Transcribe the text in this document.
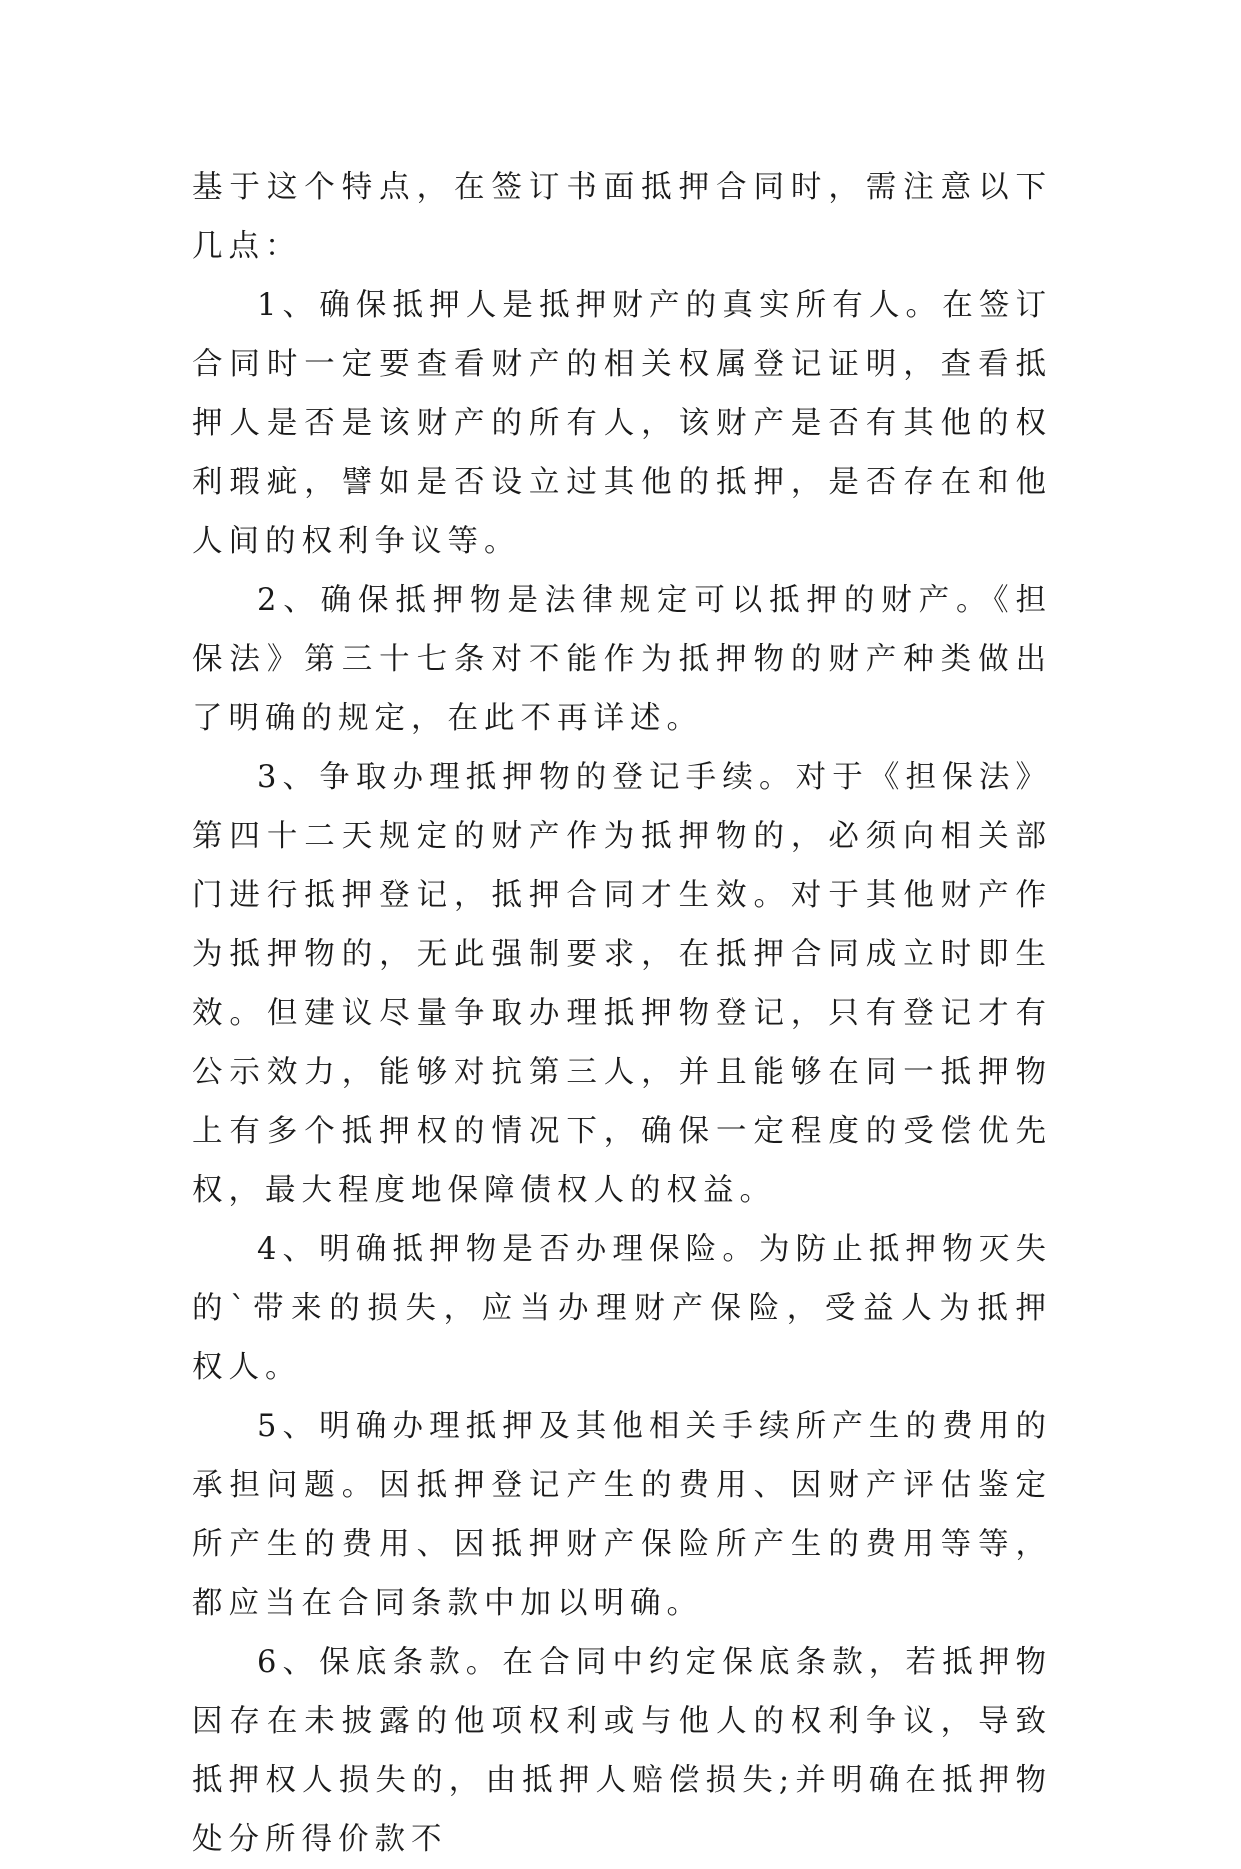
基于这个特点，在签订书面抵押合同时，需注意以下几点：

1、确保抵押人是抵押财产的真实所有人。在签订合同时一定要查看财产的相关权属登记证明，查看抵押人是否是该财产的所有人，该财产是否有其他的权利瑕疵，譬如是否设立过其他的抵押，是否存在和他人间的权利争议等。

2、确保抵押物是法律规定可以抵押的财产。《担保法》第三十七条对不能作为抵押物的财产种类做出了明确的规定，在此不再详述。

3、争取办理抵押物的登记手续。对于《担保法》第四十二天规定的财产作为抵押物的，必须向相关部门进行抵押登记，抵押合同才生效。对于其他财产作为抵押物的，无此强制要求，在抵押合同成立时即生效。但建议尽量争取办理抵押物登记，只有登记才有公示效力，能够对抗第三人，并且能够在同一抵押物上有多个抵押权的情况下，确保一定程度的受偿优先权，最大程度地保障债权人的权益。

4、明确抵押物是否办理保险。为防止抵押物灭失的`带来的损失，应当办理财产保险，受益人为抵押权人。

5、明确办理抵押及其他相关手续所产生的费用的承担问题。因抵押登记产生的费用、因财产评估鉴定所产生的费用、因抵押财产保险所产生的费用等等，都应当在合同条款中加以明确。

6、保底条款。在合同中约定保底条款，若抵押物因存在未披露的他项权利或与他人的权利争议，导致抵押权人损失的，由抵押人赔偿损失;并明确在抵押物处分所得价款不
